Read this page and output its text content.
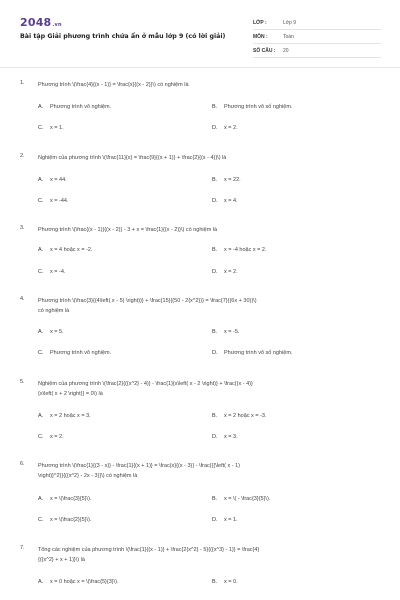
2048.vn
Bài tập Giải phương trình chứa ẩn ở mẫu lớp 9 (có lời giải)
LỚP :	Lớp 9
MÔN :	Toán
SỐ CÂU :	20
1. Phương trình \(\frac{4}{(x - 1)} = \frac{x}{(x - 2)}\) có nghiệm là
A. Phương trình vô nghiệm.	B. Phương trình vô số nghiệm.
C. x = 1.	D. x = 2.
2. Nghiệm của phương trình \(\frac{11}{x} = \frac{9}{(x + 1)} + \frac{2}{(x - 4)}\) là
A. x = 44.	B. x = 22.
C. x = -44.	D. x = 4.
3. Phương trình \(\frac{(x - 1)}{(x - 2)} - 3 + x = \frac{1}{(x - 2)}\) có nghiệm là
A. x = 4 hoặc x = -2.	B. x = -4 hoặc x = 2.
C. x = -4.	D. x = 2.
4. Phương trình \(\frac{3}{(4\left( x - 5) \right))} + \frac{15}{(50 - 2{x^2})} = \frac{7}{(6x + 30)}\)
có nghiệm là
A. x = 5.	B. x = -5.
C. Phương trình vô nghiệm.	D. Phương trình vô số nghiệm.
5. Nghiệm của phương trình \(\frac{2}{({x^2} - 4)} - \frac{1}{x\left( x - 2 \right)} + \frac{(x - 4)}
{x\left( x + 2 \right)} = 0\) là
A. x = 2 hoặc x = 3.	B. x = 2 hoặc x = -3.
C. x = 2.	D. x = 3.
6. Phương trình \(\frac{1}{(3 - x)} - \frac{1}{(x + 1)} = \frac{x}{(x - 3)} - \frac{{{\left( x - 1)
\right)}^2}}{({x^2} - 2x - 3)}\) có nghiệm là
A. x = \(\frac{3}{5}\).	B. x = \( - \frac{3}{5}\).
C. x = \(\frac{2}{5}\).	D. x = 1.
7. Tổng các nghiệm của phương trình \(\frac{1}{(x - 1)} + \frac{2{x^2} - 5}{({x^3} - 1)} = \frac{4}
{({x^2} + x + 1)}\) là
A. x = 0 hoặc x = \(\frac{5}{3}\).	B. x = 0.
